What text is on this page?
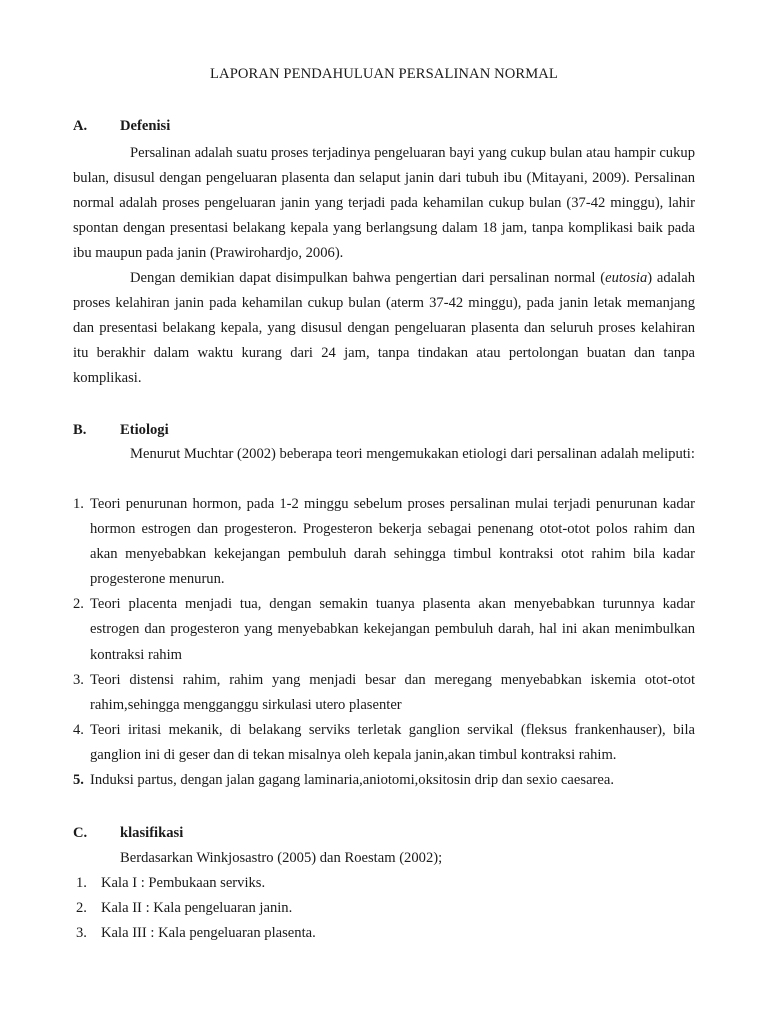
LAPORAN PENDAHULUAN PERSALINAN NORMAL
A. Defenisi

Persalinan adalah suatu proses terjadinya pengeluaran bayi yang cukup bulan atau hampir cukup bulan, disusul dengan pengeluaran plasenta dan selaput janin dari tubuh ibu (Mitayani, 2009). Persalinan normal adalah proses pengeluaran janin yang terjadi pada kehamilan cukup bulan (37-42 minggu), lahir spontan dengan presentasi belakang kepala yang berlangsung dalam 18 jam, tanpa komplikasi baik pada ibu maupun pada janin (Prawirohardjo, 2006).

Dengan demikian dapat disimpulkan bahwa pengertian dari persalinan normal (eutosia) adalah proses kelahiran janin pada kehamilan cukup bulan (aterm 37-42 minggu), pada janin letak memanjang dan presentasi belakang kepala, yang disusul dengan pengeluaran plasenta dan seluruh proses kelahiran itu berakhir dalam waktu kurang dari 24 jam, tanpa tindakan atau pertolongan buatan dan tanpa komplikasi.

B. Etiologi

Menurut Muchtar (2002) beberapa teori mengemukakan etiologi dari persalinan adalah meliputi:

1. Teori penurunan hormon, pada 1-2 minggu sebelum proses persalinan mulai terjadi penurunan kadar hormon estrogen dan progesteron. Progesteron bekerja sebagai penenang otot-otot polos rahim dan akan menyebabkan kekejangan pembuluh darah sehingga timbul kontraksi otot rahim bila kadar progesterone menurun.
2. Teori placenta menjadi tua, dengan semakin tuanya plasenta akan menyebabkan turunnya kadar estrogen dan progesteron yang menyebabkan kekejangan pembuluh darah, hal ini akan menimbulkan kontraksi rahim
3. Teori distensi rahim, rahim yang menjadi besar dan meregang menyebabkan iskemia otot-otot rahim,sehingga mengganggu sirkulasi utero plasenter
4. Teori iritasi mekanik, di belakang serviks terletak ganglion servikal (fleksus frankenhauser), bila ganglion ini di geser dan di tekan misalnya oleh kepala janin,akan timbul kontraksi rahim.
5. Induksi partus, dengan jalan gagang laminaria,aniotomi,oksitosin drip dan sexio caesarea.
C. klasifikasi
Berdasarkan Winkjosastro (2005) dan Roestam (2002);
1. Kala I : Pembukaan serviks.
2. Kala II : Kala pengeluaran janin.
3. Kala III : Kala pengeluaran plasenta.
